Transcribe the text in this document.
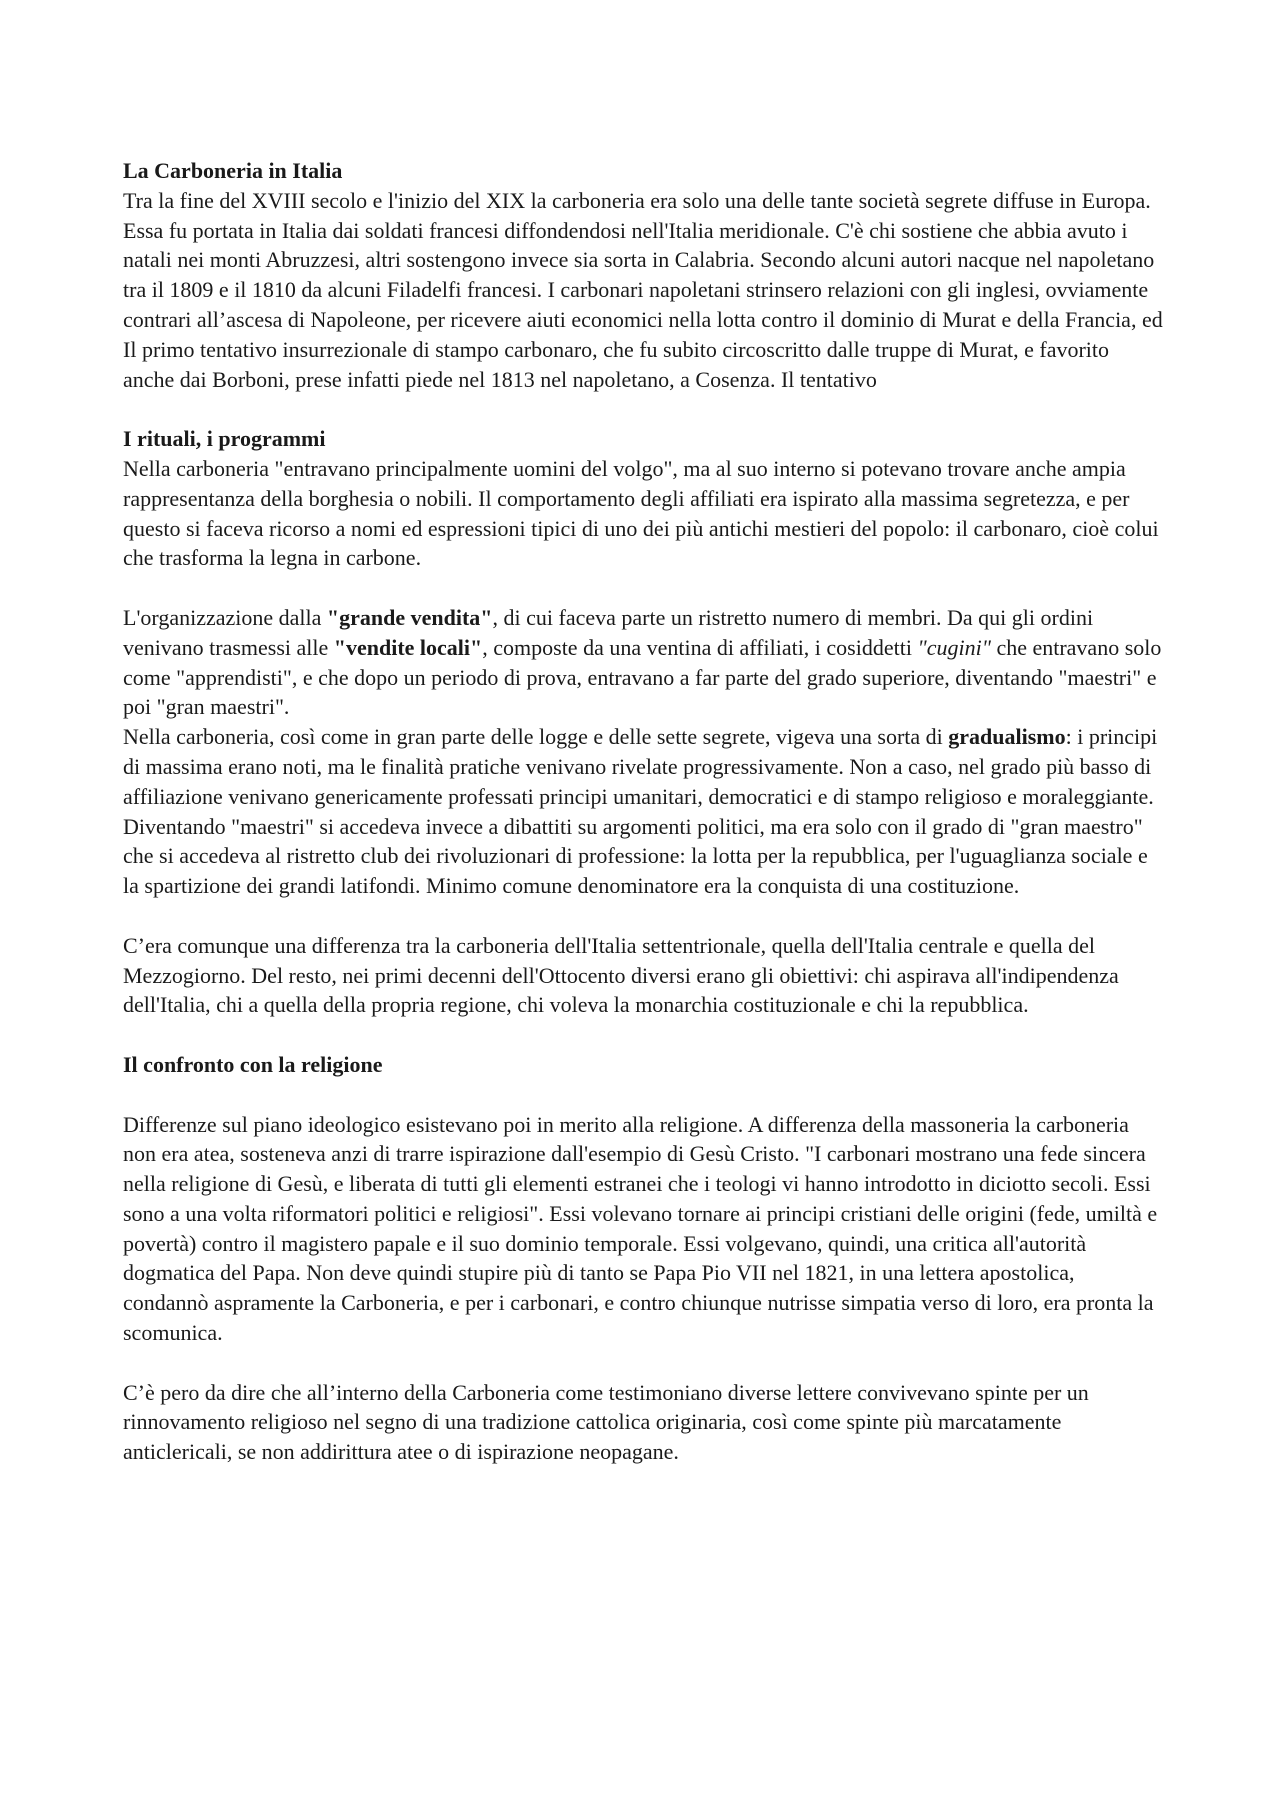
La Carboneria in Italia

Tra la fine del XVIII secolo e l'inizio del XIX la carboneria era solo una delle tante società segrete diffuse in Europa. Essa fu portata in Italia dai soldati francesi diffondendosi nell'Italia meridionale. C'è chi sostiene che abbia avuto i natali nei monti Abruzzesi, altri sostengono invece sia sorta in Calabria. Secondo alcuni autori nacque nel napoletano tra il 1809 e il 1810 da alcuni Filadelfi francesi. I carbonari napoletani strinsero relazioni con gli inglesi, ovviamente contrari all’ascesa di Napoleone, per ricevere aiuti economici nella lotta contro il dominio di Murat e della Francia, ed Il primo tentativo insurrezionale di stampo carbonaro, che fu subito circoscritto dalle truppe di Murat, e favorito anche dai Borboni, prese infatti piede nel 1813 nel napoletano, a Cosenza. Il tentativo

I rituali, i programmi

Nella carboneria "entravano principalmente uomini del volgo", ma al suo interno si potevano trovare anche ampia rappresentanza della borghesia o nobili. Il comportamento degli affiliati era ispirato alla massima segretezza, e per questo si faceva ricorso a nomi ed espressioni tipici di uno dei più antichi mestieri del popolo: il carbonaro, cioè colui che trasforma la legna in carbone.

L'organizzazione dalla "grande vendita", di cui faceva parte un ristretto numero di membri. Da qui gli ordini venivano trasmessi alle "vendite locali", composte da una ventina di affiliati, i cosiddetti "cugini" che entravano solo come "apprendisti", e che dopo un periodo di prova, entravano a far parte del grado superiore, diventando "maestri" e poi "gran maestri".

Nella carboneria, così come in gran parte delle logge e delle sette segrete, vigeva una sorta di gradualismo: i principi di massima erano noti, ma le finalità pratiche venivano rivelate progressivamente. Non a caso, nel grado più basso di affiliazione venivano genericamente professati principi umanitari, democratici e di stampo religioso e moraleggiante. Diventando "maestri" si accedeva invece a dibattiti su argomenti politici, ma era solo con il grado di "gran maestro" che si accedeva al ristretto club dei rivoluzionari di professione: la lotta per la repubblica, per l'uguaglianza sociale e la spartizione dei grandi latifondi. Minimo comune denominatore era la conquista di una costituzione.

C’era comunque una differenza tra la carboneria dell'Italia settentrionale, quella dell'Italia centrale e quella del Mezzogiorno. Del resto, nei primi decenni dell'Ottocento diversi erano gli obiettivi: chi aspirava all'indipendenza dell'Italia, chi a quella della propria regione, chi voleva la monarchia costituzionale e chi la repubblica.

Il confronto con la religione

Differenze sul piano ideologico esistevano poi in merito alla religione. A differenza della massoneria la carboneria non era atea, sosteneva anzi di trarre ispirazione dall'esempio di Gesù Cristo. "I carbonari mostrano una fede sincera nella religione di Gesù, e liberata di tutti gli elementi estranei che i teologi vi hanno introdotto in diciotto secoli. Essi sono a una volta riformatori politici e religiosi". Essi volevano tornare ai principi cristiani delle origini (fede, umiltà e povertà) contro il magistero papale e il suo dominio temporale. Essi volgevano, quindi, una critica all'autorità dogmatica del Papa. Non deve quindi stupire più di tanto se Papa Pio VII nel 1821, in una lettera apostolica, condannò aspramente la Carboneria, e per i carbonari, e contro chiunque nutrisse simpatia verso di loro, era pronta la scomunica.

C’è pero da dire che all’interno della Carboneria come testimoniano diverse lettere convivevano spinte per un rinnovamento religioso nel segno di una tradizione cattolica originaria, così come spinte più marcatamente anticlericali, se non addirittura atee o di ispirazione neopagane.
